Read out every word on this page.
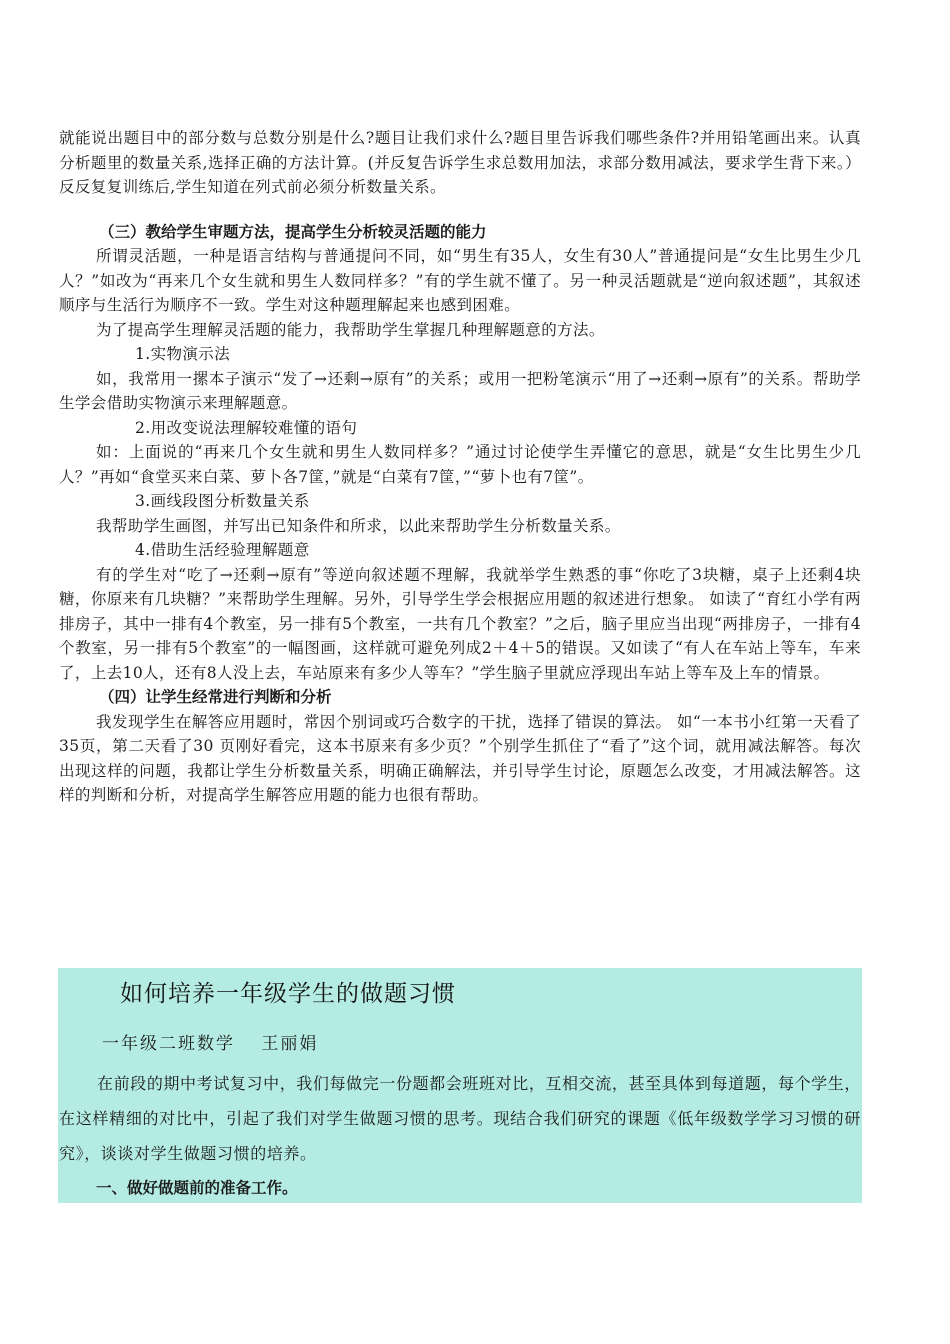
就能说出题目中的部分数与总数分别是什么?题目让我们求什么?题目里告诉我们哪些条件?并用铅笔画出来。认真分析题里的数量关系,选择正确的方法计算。(并反复告诉学生求总数用加法，求部分数用减法，要求学生背下来。）反反复复训练后,学生知道在列式前必须分析数量关系。

（三）教给学生审题方法，提高学生分析较灵活题的能力

所谓灵活题，一种是语言结构与普通提问不同，如“男生有35人，女生有30人”普通提问是“女生比男生少几人？”如改为“再来几个女生就和男生人数同样多？”有的学生就不懂了。另一种灵活题就是“逆向叙述题”，其叙述顺序与生活行为顺序不一致。学生对这种题理解起来也感到困难。

为了提高学生理解灵活题的能力，我帮助学生掌握几种理解题意的方法。

1.实物演示法

如，我常用一摞本子演示“发了→还剩→原有”的关系；或用一把粉笔演示“用了→还剩→原有”的关系。帮助学生学会借助实物演示来理解题意。

2.用改变说法理解较难懂的语句

如：上面说的“再来几个女生就和男生人数同样多？”通过讨论使学生弄懂它的意思，就是“女生比男生少几人？”再如“食堂买来白菜、萝卜各7筐，”就是“白菜有7筐，”“萝卜也有7筐”。

3.画线段图分析数量关系

我帮助学生画图，并写出已知条件和所求，以此来帮助学生分析数量关系。

4.借助生活经验理解题意

有的学生对“吃了→还剩→原有”等逆向叙述题不理解，我就举学生熟悉的事“你吃了3块糖，桌子上还剩4块糖，你原来有几块糖？”来帮助学生理解。另外，引导学生学会根据应用题的叙述进行想象。 如读了“育红小学有两排房子，其中一排有4个教室，另一排有5个教室，一共有几个教室？”之后，脑子里应当出现“两排房子，一排有4个教室，另一排有5个教室”的一幅图画，这样就可避免列成2＋4＋5的错误。又如读了“有人在车站上等车，车来了，上去10人，还有8人没上去，车站原来有多少人等车？”学生脑子里就应浮现出车站上等车及上车的情景。

（四）让学生经常进行判断和分析

我发现学生在解答应用题时，常因个别词或巧合数字的干扰，选择了错误的算法。 如“一本书小红第一天看了35页，第二天看了30 页刚好看完，这本书原来有多少页？”个别学生抓住了“看了”这个词，就用减法解答。每次出现这样的问题，我都让学生分析数量关系，明确正确解法，并引导学生讨论，原题怎么改变，才用减法解答。这样的判断和分析，对提高学生解答应用题的能力也很有帮助。

如何培养一年级学生的做题习惯
一年级二班数学　 王丽娟

在前段的期中考试复习中，我们每做完一份题都会班班对比，互相交流，甚至具体到每道题，每个学生，在这样精细的对比中，引起了我们对学生做题习惯的思考。现结合我们研究的课题《低年级数学学习习惯的研究》，谈谈对学生做题习惯的培养。

一、做好做题前的准备工作。
